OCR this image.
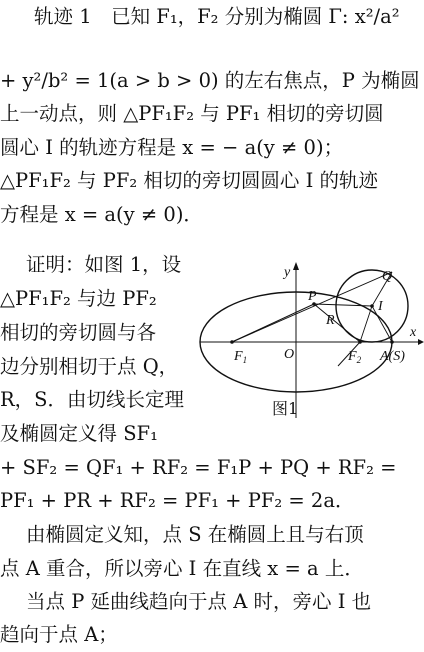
轨迹 1　已知 F₁，F₂ 分别为椭圆 Γ: x²/a²
+ y²/b² = 1(a > b > 0) 的左右焦点，P 为椭圆
上一动点，则 △PF₁F₂ 与 PF₁ 相切的旁切圆
圆心 I 的轨迹方程是 x = − a(y ≠ 0)；
△PF₁F₂ 与 PF₂ 相切的旁切圆圆心 I 的轨迹
方程是 x = a(y ≠ 0)．
证明：如图 1，设
△PF₁F₂ 与边 PF₂
相切的旁切圆与各
边分别相切于点 Q，
R，S．由切线长定理
及椭圆定义得 SF₁
+ SF₂ = QF₁ + RF₂ = F₁P + PQ + RF₂ =
PF₁ + PR + RF₂ = PF₁ + PF₂ = 2a．
由椭圆定义知，点 S 在椭圆上且与右顶
点 A 重合，所以旁心 I 在直线 x = a 上．
当点 P 延曲线趋向于点 A 时，旁心 I 也
趋向于点 A；
y
x
O
$F_1$	$F_2$ A(S)
P
Q
R
I
图1
